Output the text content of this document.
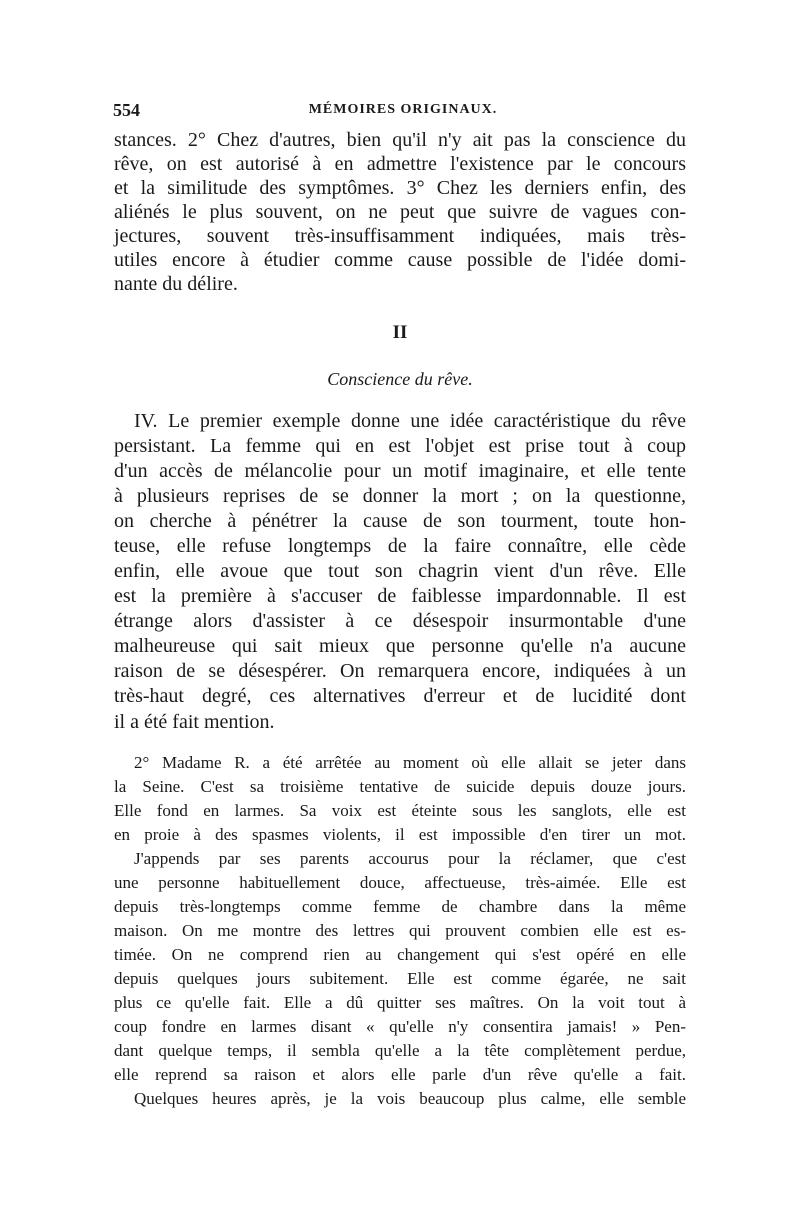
554	MÉMOIRES ORIGINAUX.
stances. 2° Chez d'autres, bien qu'il n'y ait pas la conscience du
rêve, on est autorisé à en admettre l'existence par le concours
et la similitude des symptômes. 3° Chez les derniers enfin, des
aliénés le plus souvent, on ne peut que suivre de vagues con-
jectures, souvent très-insuffisamment indiquées, mais très-
utiles encore à étudier comme cause possible de l'idée domi-
nante du délire.
II
Conscience du rêve.
IV. Le premier exemple donne une idée caractéristique du rêve
persistant. La femme qui en est l'objet est prise tout à coup
d'un accès de mélancolie pour un motif imaginaire, et elle tente
à plusieurs reprises de se donner la mort ; on la questionne,
on cherche à pénétrer la cause de son tourment, toute hon-
teuse, elle refuse longtemps de la faire connaître, elle cède
enfin, elle avoue que tout son chagrin vient d'un rêve. Elle
est la première à s'accuser de faiblesse impardonnable. Il est
étrange alors d'assister à ce désespoir insurmontable d'une
malheureuse qui sait mieux que personne qu'elle n'a aucune
raison de se désespérer. On remarquera encore, indiquées à un
très-haut degré, ces alternatives d'erreur et de lucidité dont
il a été fait mention.
2° Madame R. a été arrêtée au moment où elle allait se jeter dans
la Seine. C'est sa troisième tentative de suicide depuis douze jours.
Elle fond en larmes. Sa voix est éteinte sous les sanglots, elle est
en proie à des spasmes violents, il est impossible d'en tirer un mot.
J'appends par ses parents accourus pour la réclamer, que c'est
une personne habituellement douce, affectueuse, très-aimée. Elle est
depuis très-longtemps comme femme de chambre dans la même
maison. On me montre des lettres qui prouvent combien elle est es-
timée. On ne comprend rien au changement qui s'est opéré en elle
depuis quelques jours subitement. Elle est comme égarée, ne sait
plus ce qu'elle fait. Elle a dû quitter ses maîtres. On la voit tout à
coup fondre en larmes disant « qu'elle n'y consentira jamais! » Pen-
dant quelque temps, il sembla qu'elle a la tête complètement perdue,
elle reprend sa raison et alors elle parle d'un rêve qu'elle a fait.
Quelques heures après, je la vois beaucoup plus calme, elle semble
